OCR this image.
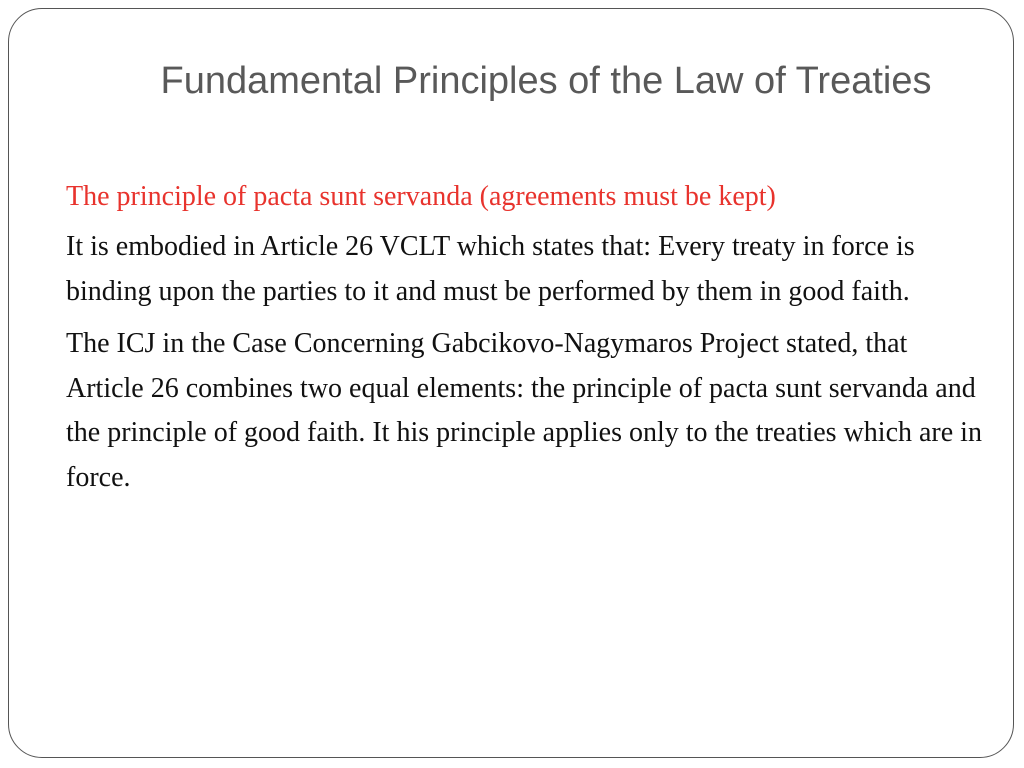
Fundamental Principles of the Law of Treaties

The principle of pacta sunt servanda (agreements must be kept)

It is embodied in Article 26 VCLT which states that: Every treaty in force is binding upon the parties to it and must be performed by them in good faith.

The ICJ in the Case Concerning Gabcikovo-Nagymaros Project stated, that Article 26 combines two equal elements: the principle of pacta sunt servanda and the principle of good faith. It his principle applies only to the treaties which are in force.
